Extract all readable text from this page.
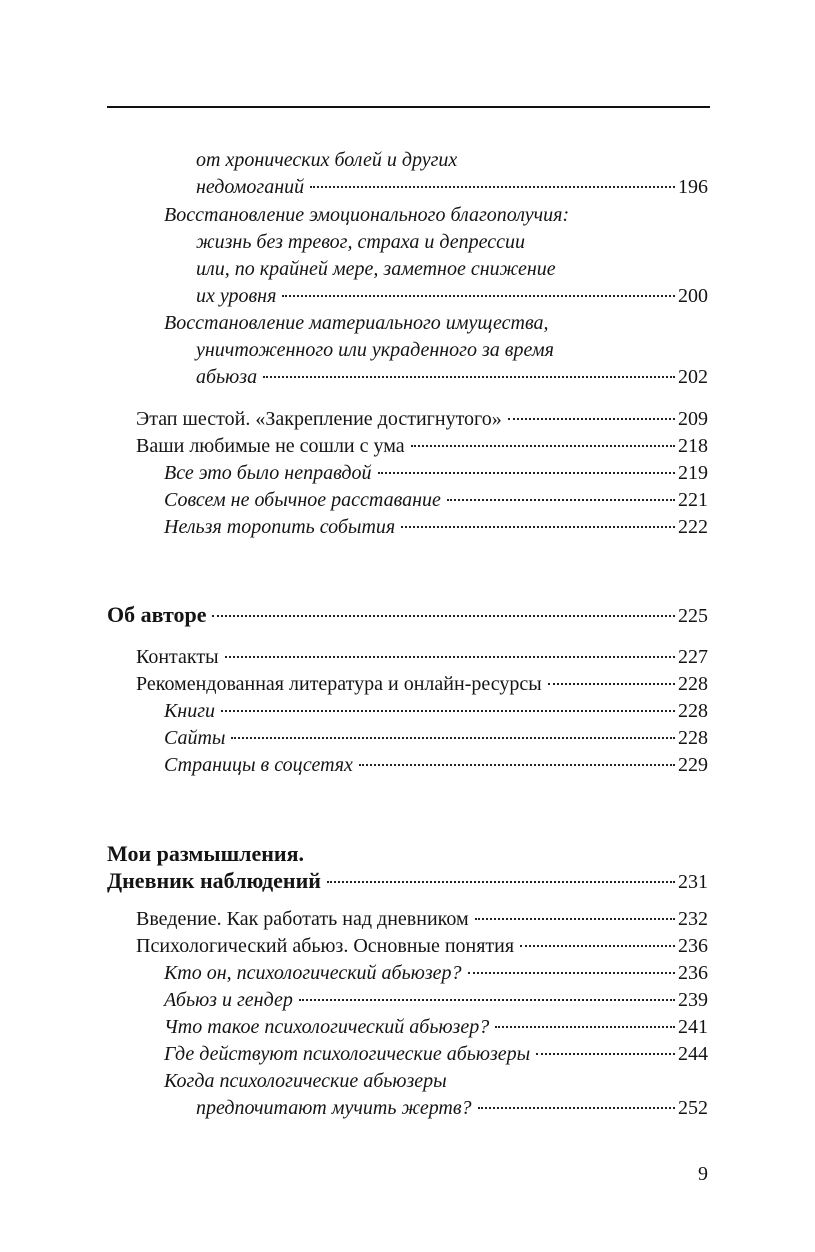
от хронических болей и других
недомоганий	196
Восстановление эмоционального благополучия:
жизнь без тревог, страха и депрессии
или, по крайней мере, заметное снижение
их уровня	200
Восстановление материального имущества,
уничтоженного или украденного за время
абьюза	202
Этап шестой. «Закрепление достигнутого»	209
Ваши любимые не сошли с ума	218
Все это было неправдой	219
Совсем не обычное расставание	221
Нельзя торопить события	222
Об авторе	225
Контакты	227
Рекомендованная литература и онлайн-ресурсы	228
Книги	228
Сайты	228
Страницы в соцсетях	229
Мои размышления.
Дневник наблюдений	231
Введение. Как работать над дневником	232
Психологический абьюз. Основные понятия	236
Кто он, психологический абьюзер?	236
Абьюз и гендер	239
Что такое психологический абьюзер?	241
Где действуют психологические абьюзеры	244
Когда психологические абьюзеры
предпочитают мучить жертв?	252
9
